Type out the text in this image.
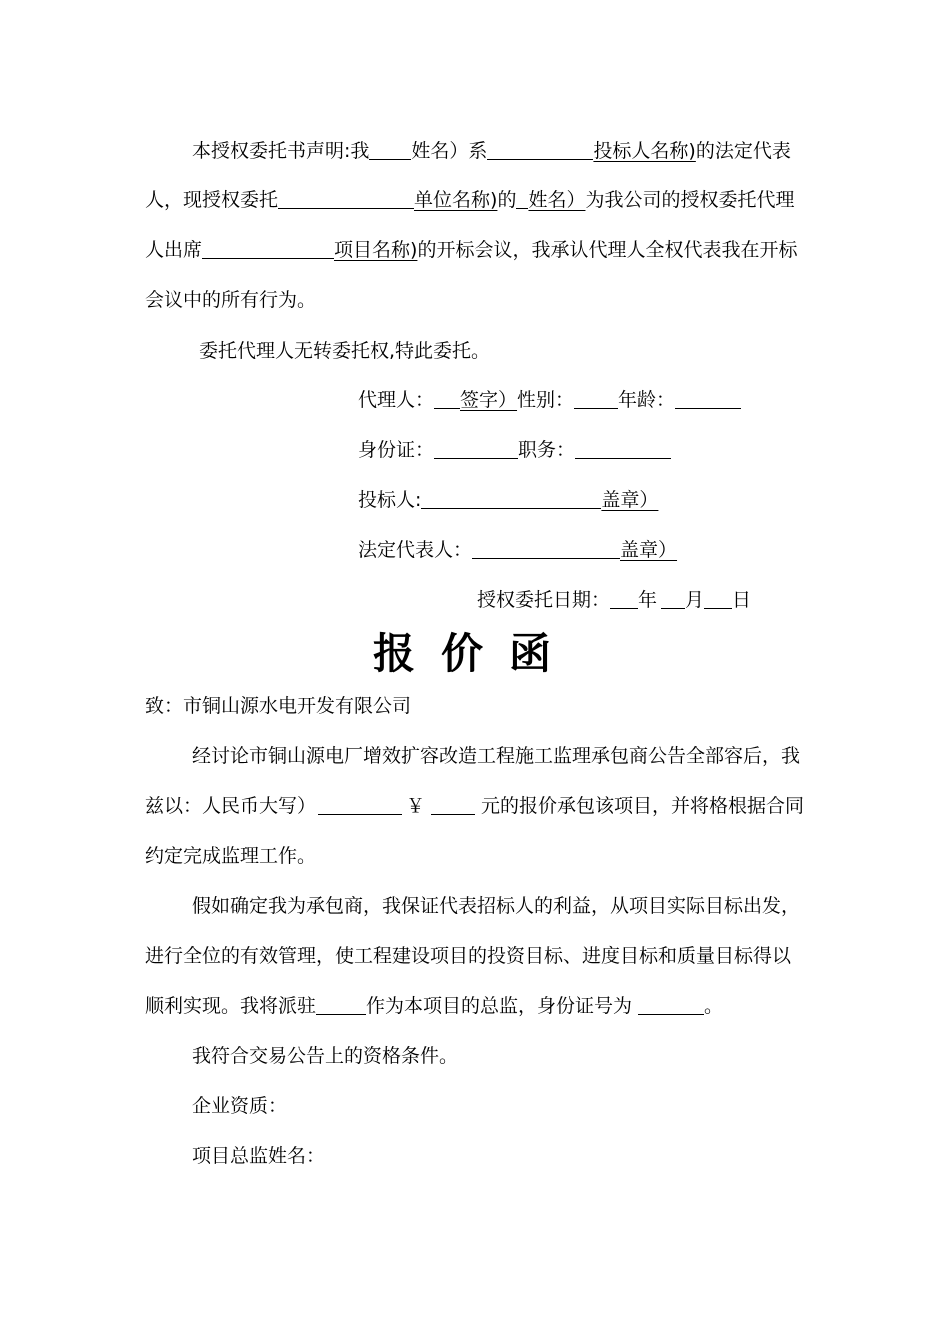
本授权委托书声明:我 姓名）系	投标人名称)的法定代表
人，现授权委托	单位名称)的 姓名）为我公司的授权委托代理
人出席	项目名称)的开标会议，我承认代理人全权代表我在开标
会议中的所有行为。
委托代理人无转委托权,特此委托。
代理人： 签字）性别： 年龄：
身份证：	职务：
投标人:	盖章）
法定代表人：	盖章）
授权委托日期： 年 月 日
报价函
致：市铜山源水电开发有限公司
经讨论市铜山源电厂增效扩容改造工程施工监理承包商公告全部容后，我
兹以：人民币大写）	￥	元的报价承包该项目，并将格根据合同
约定完成监理工作。
假如确定我为承包商，我保证代表招标人的利益，从项目实际目标出发，
进行全位的有效管理，使工程建设项目的投资目标、进度目标和质量目标得以
顺利实现。我将派驻	作为本项目的总监，身份证号为	。
我符合交易公告上的资格条件。
企业资质：
项目总监姓名：
